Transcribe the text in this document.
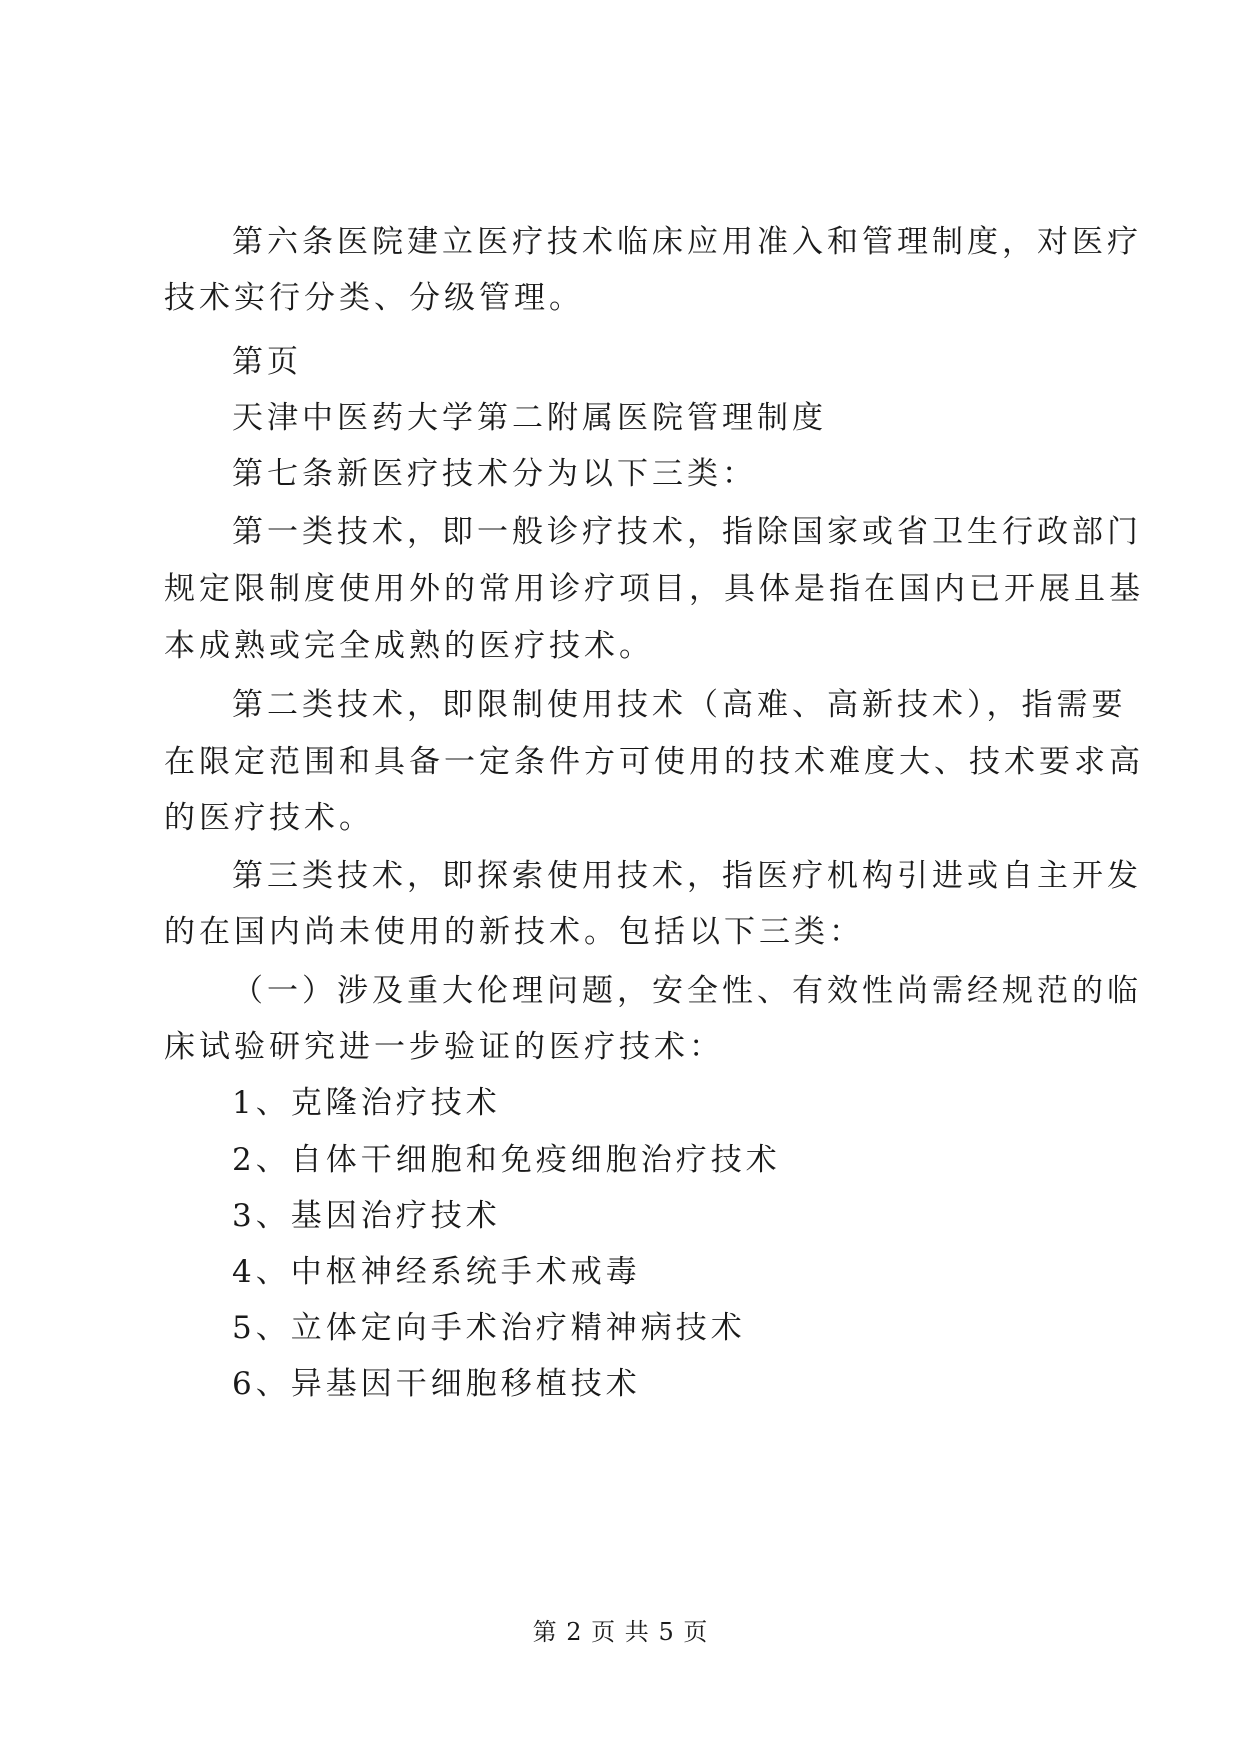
第六条医院建立医疗技术临床应用准入和管理制度，对医疗
技术实行分类、分级管理。
第页
天津中医药大学第二附属医院管理制度
第七条新医疗技术分为以下三类：
第一类技术，即一般诊疗技术，指除国家或省卫生行政部门
规定限制度使用外的常用诊疗项目，具体是指在国内已开展且基
本成熟或完全成熟的医疗技术。
第二类技术，即限制使用技术（高难、高新技术），指需要
在限定范围和具备一定条件方可使用的技术难度大、技术要求高
的医疗技术。
第三类技术，即探索使用技术，指医疗机构引进或自主开发
的在国内尚未使用的新技术。包括以下三类：
（一）涉及重大伦理问题，安全性、有效性尚需经规范的临
床试验研究进一步验证的医疗技术：
1、克隆治疗技术
2、自体干细胞和免疫细胞治疗技术
3、基因治疗技术
4、中枢神经系统手术戒毒
5、立体定向手术治疗精神病技术
6、异基因干细胞移植技术
第 2 页 共 5 页
